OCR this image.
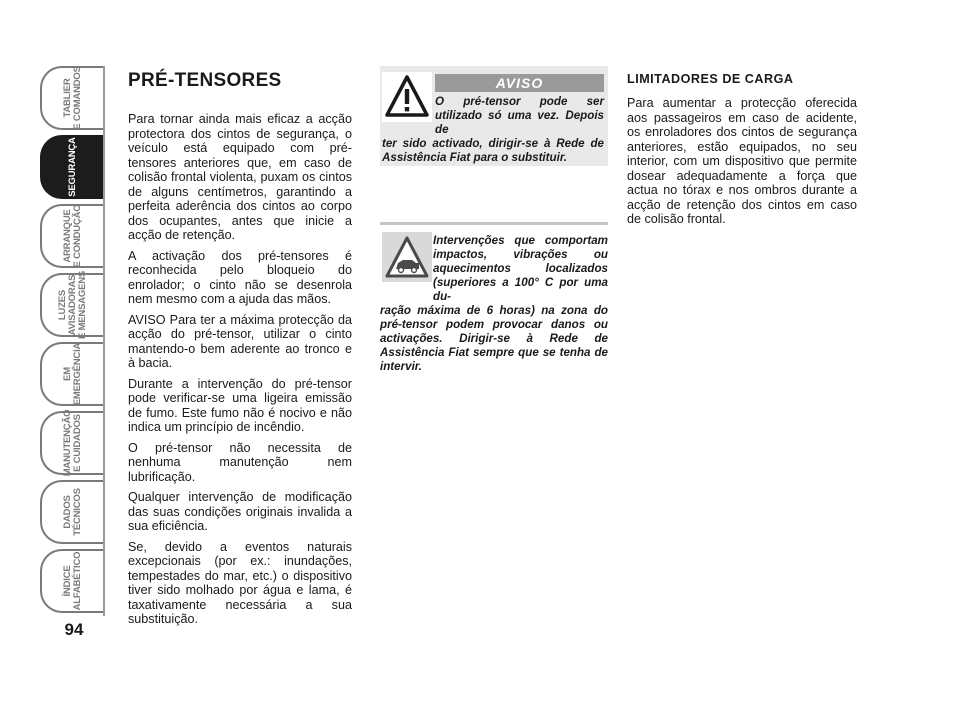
TABLIER
E COMANDOS
SEGURANÇA
ARRANQUE
E CONDUÇÃO
LUZES
AVISADORAS
E MENSAGENS
EM
EMERGÊNCIA
MANUTENÇÃO
E CUIDADOS
DADOS
TÉCNICOS
ÍNDICE
ALFABÉTICO
94
PRÉ-TENSORES

Para tornar ainda mais eficaz a acção protectora dos cintos de segurança, o veículo está equipado com pré-tensores anteriores que, em caso de colisão frontal violenta, puxam os cintos de alguns centímetros, garantindo a perfeita aderência dos cintos ao corpo dos ocupantes, antes que inicie a acção de retenção.

A activação dos pré-tensores é reconhecida pelo bloqueio do enrolador; o cinto não se desenrola nem mesmo com a ajuda das mãos.

AVISO Para ter a máxima protecção da acção do pré-tensor, utilizar o cinto mantendo-o bem aderente ao tronco e à bacia.

Durante a intervenção do pré-tensor pode verificar-se uma ligeira emissão de fumo. Este fumo não é nocivo e não indica um princípio de incêndio.

O pré-tensor não necessita de nenhuma manutenção nem lubrificação.

Qualquer intervenção de modificação das suas condições originais invalida a sua eficiência.

Se, devido a eventos naturais excepcionais (por ex.: inundações, tempestades do mar, etc.) o dispositivo tiver sido molhado por água e lama, é taxativamente necessária a sua substituição.

AVISO
O pré-tensor pode ser utilizado só uma vez. Depois de
ter sido activado, dirigir-se à Rede de Assistência Fiat para o substituir.
Intervenções que comportam impactos, vibrações ou aquecimentos localizados (superiores a 100° C por uma du-
ração máxima de 6 horas) na zona do pré-tensor podem provocar danos ou activações. Dirigir-se à Rede de Assistência Fiat sempre que se tenha de intervir.
LIMITADORES DE CARGA

Para aumentar a protecção oferecida aos passageiros em caso de acidente, os enroladores dos cintos de segurança anteriores, estão equipados, no seu interior, com um dispositivo que permite dosear adequadamente a força que actua no tórax e nos ombros durante a acção de retenção dos cintos em caso de colisão frontal.
